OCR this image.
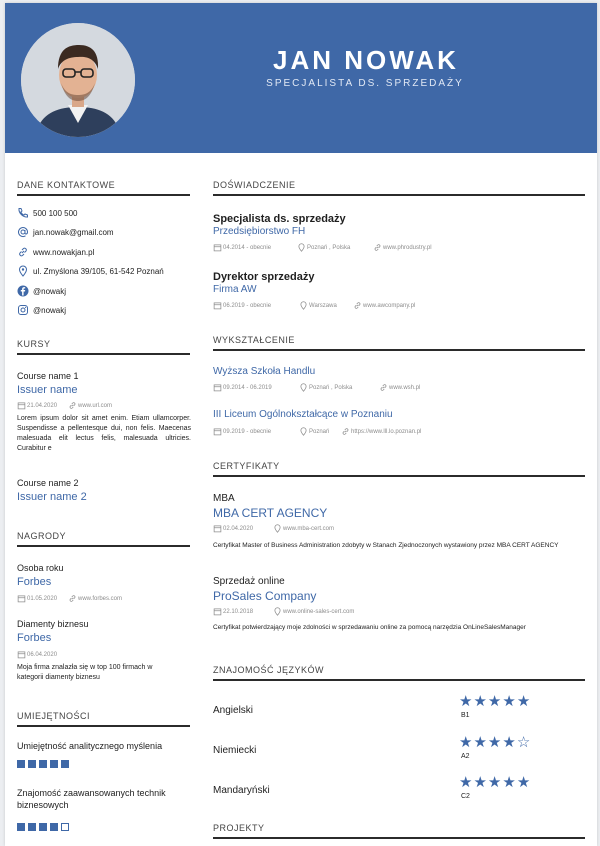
JAN NOWAK
SPECJALISTA DS. SPRZEDAŻY
DANE KONTAKTOWE
500 100 500
jan.nowak@gmail.com
www.nowakjan.pl
ul. Zmyślona 39/105, 61-542 Poznań
@nowakj
@nowakj
KURSY
Course name 1
Issuer name
21.04.2020	www.url.com
Lorem ipsum dolor sit amet enim. Etiam ullamcorper. Suspendisse a pellentesque dui, non felis. Maecenas malesuada elit lectus felis, malesuada ultricies. Curabitur e
Course name 2
Issuer name 2
NAGRODY
Osoba roku
Forbes
01.05.2020	www.forbes.com
Diamenty biznesu
Forbes
06.04.2020
Moja firma znalazła się w top 100 firmach w kategorii diamenty biznesu
UMIEJĘTNOŚCI
Umiejętność analitycznego myślenia
Znajomość zaawansowanych technik biznesowych
DOŚWIADCZENIE
Specjalista ds. sprzedaży
Przedsiębiorstwo FH
04.2014 - obecnie	Poznań , Polska	www.phrodustry.pl
Dyrektor sprzedaży
Firma AW
06.2019 - obecnie	Warszawa	www.awcompany.pl
WYKSZTAŁCENIE
Wyższa Szkoła Handlu
09.2014 - 06.2019	Poznań , Polska	www.wsh.pl
III Liceum Ogólnokształcące w Poznaniu
09.2019 - obecnie	Poznań	https://www.lll.lo.poznan.pl
CERTYFIKATY
MBA
MBA CERT AGENCY
02.04.2020	www.mba-cert.com
Certyfikat Master of Business Administration zdobyty w Stanach Zjednoczonych wystawiony przez MBA CERT AGENCY
Sprzedaż online
ProSales Company
22.10.2018	www.online-sales-cert.com
Certyfikat potwierdzający moje zdolności w sprzedawaniu online za pomocą narzędzia OnLineSalesManager
ZNAJOMOŚĆ JĘZYKÓW
Angielski
★★★★★
B1
Niemiecki	★★★★☆
A2
Mandaryński	★★★★★
C2
PROJEKTY
